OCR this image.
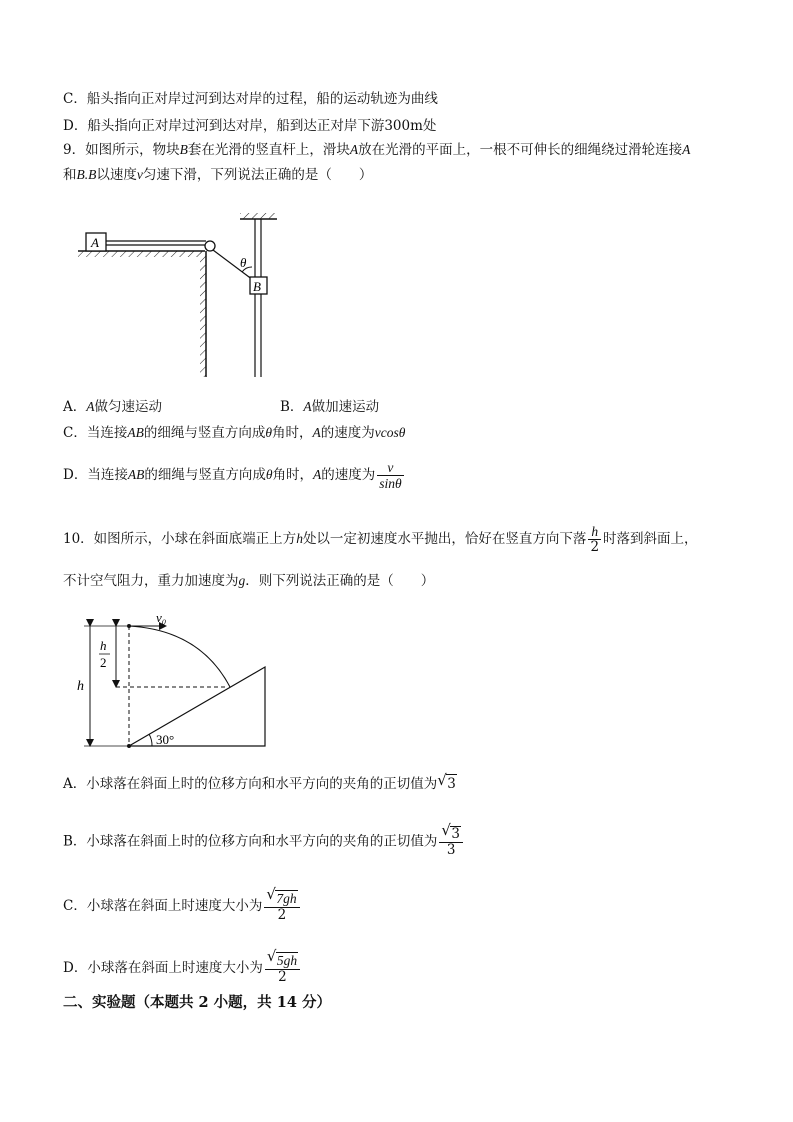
C．船头指向正对岸过河到达对岸的过程，船的运动轨迹为曲线
D．船头指向正对岸过河到达对岸，船到达正对岸下游300m处
9．如图所示，物块B套在光滑的竖直杆上，滑块A放在光滑的平面上，一根不可伸长的细绳绕过滑轮连接A
和B.B以速度v匀速下滑，下列说法正确的是（　　）
A
θ
B
A．A做匀速运动	B．A做加速运动
C．当连接AB的细绳与竖直方向成θ角时，A的速度为vcosθ
D．当连接AB的细绳与竖直方向成θ角时，A的速度为 $\frac{v}{\sin\theta}$
10．如图所示，小球在斜面底端正上方h处以一定初速度水平抛出，恰好在竖直方向下落 $\frac{h}{2}$ 时落到斜面上，
不计空气阻力，重力加速度为g．则下列说法正确的是（　　）
h
h
2
v₀
30°
A．小球落在斜面上时的位移方向和水平方向的夹角的正切值为 √ 3
B．小球落在斜面上时的位移方向和水平方向的夹角的正切值为 $\frac{√ 3}{3}$
C．小球落在斜面上时速度大小为 $\frac{√ 7gh}{2}$
D．小球落在斜面上时速度大小为 $\frac{√ 5gh}{2}$
二、实验题（本题共 2 小题，共 14 分）
